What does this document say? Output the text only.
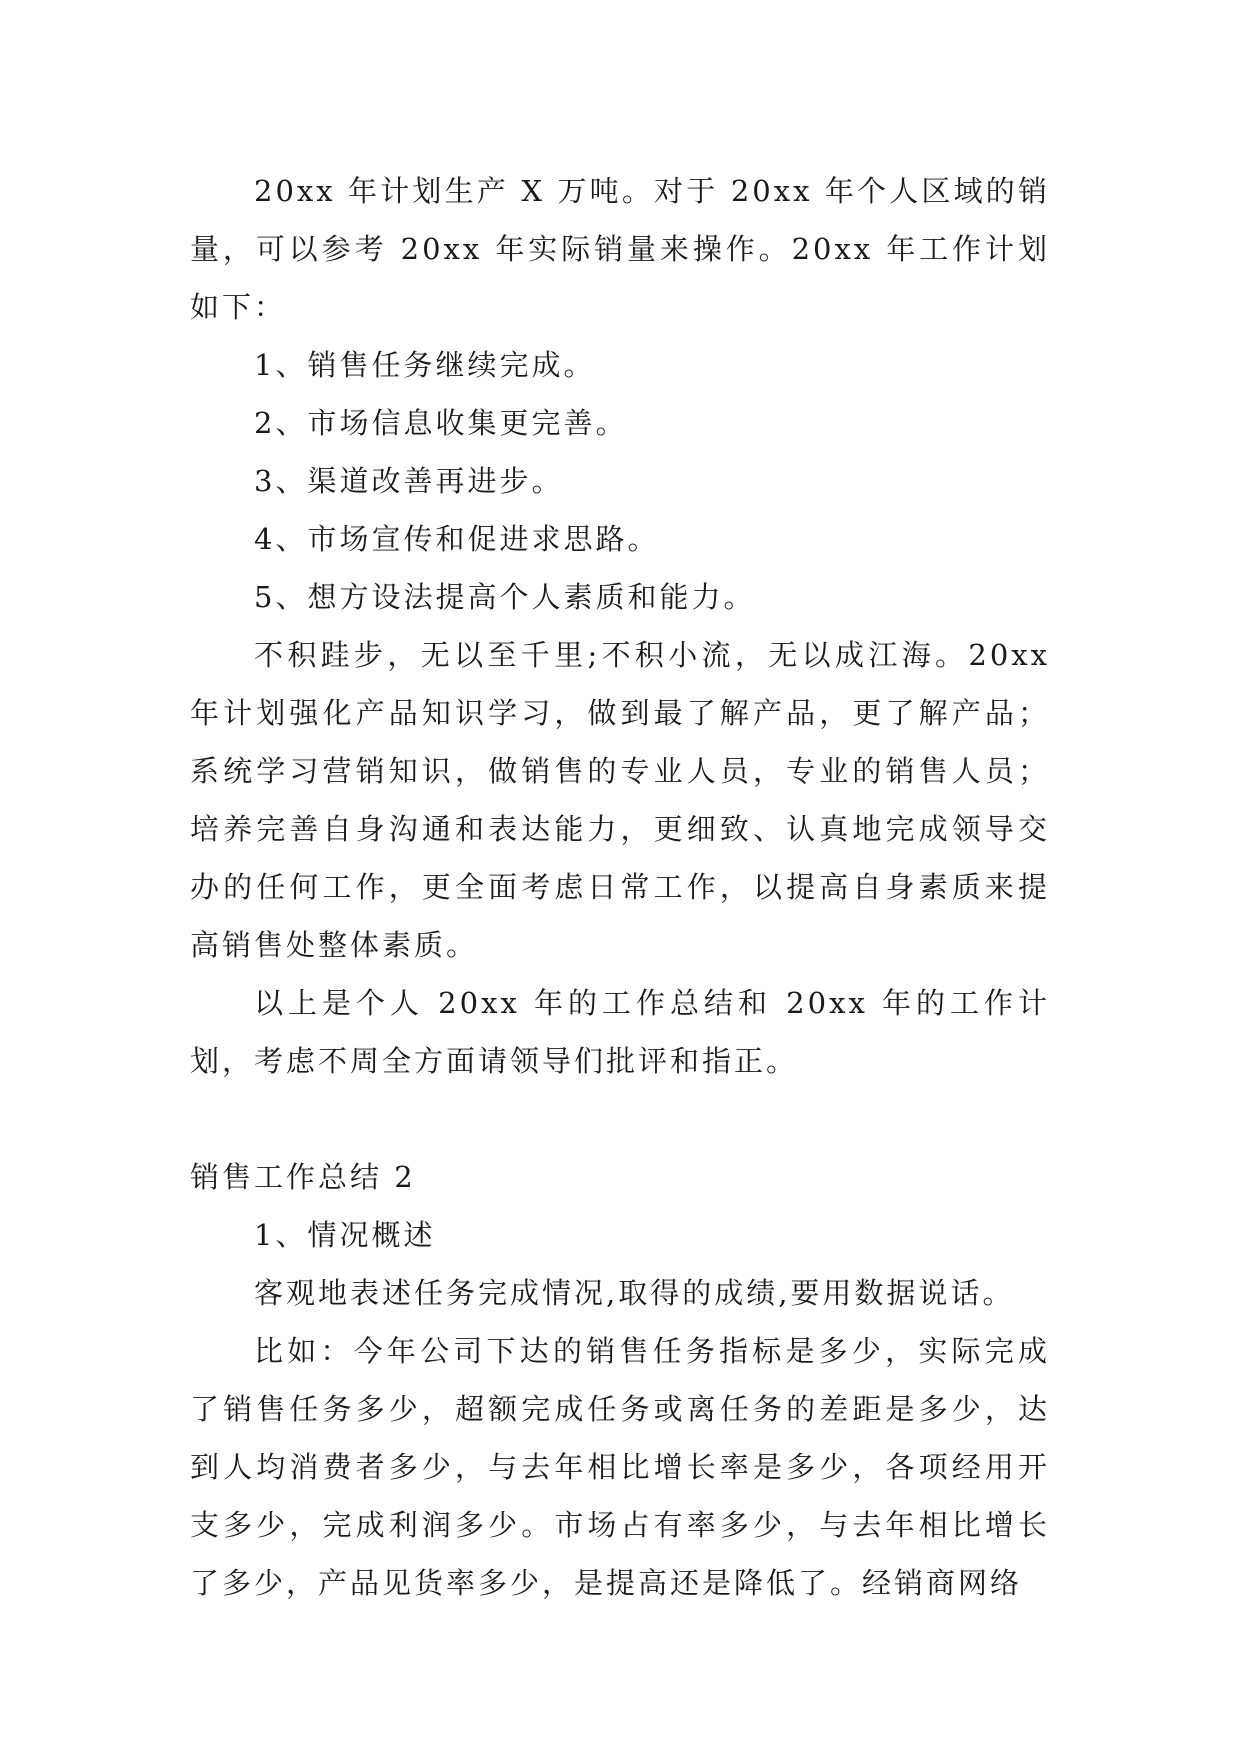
20xx 年计划生产 X 万吨。对于 20xx 年个人区域的销量，可以参考 20xx 年实际销量来操作。20xx 年工作计划如下：

1、销售任务继续完成。

2、市场信息收集更完善。

3、渠道改善再进步。

4、市场宣传和促进求思路。

5、想方设法提高个人素质和能力。

不积跬步，无以至千里;不积小流，无以成江海。20xx 年计划强化产品知识学习，做到最了解产品，更了解产品；系统学习营销知识，做销售的专业人员，专业的销售人员；培养完善自身沟通和表达能力，更细致、认真地完成领导交办的任何工作，更全面考虑日常工作，以提高自身素质来提高销售处整体素质。

以上是个人 20xx 年的工作总结和 20xx 年的工作计划，考虑不周全方面请领导们批评和指正。

销售工作总结 2

1、情况概述

客观地表述任务完成情况,取得的成绩,要用数据说话。

比如：今年公司下达的销售任务指标是多少，实际完成了销售任务多少，超额完成任务或离任务的差距是多少，达到人均消费者多少，与去年相比增长率是多少，各项经用开支多少，完成利润多少。市场占有率多少，与去年相比增长了多少，产品见货率多少，是提高还是降低了。经销商网络
